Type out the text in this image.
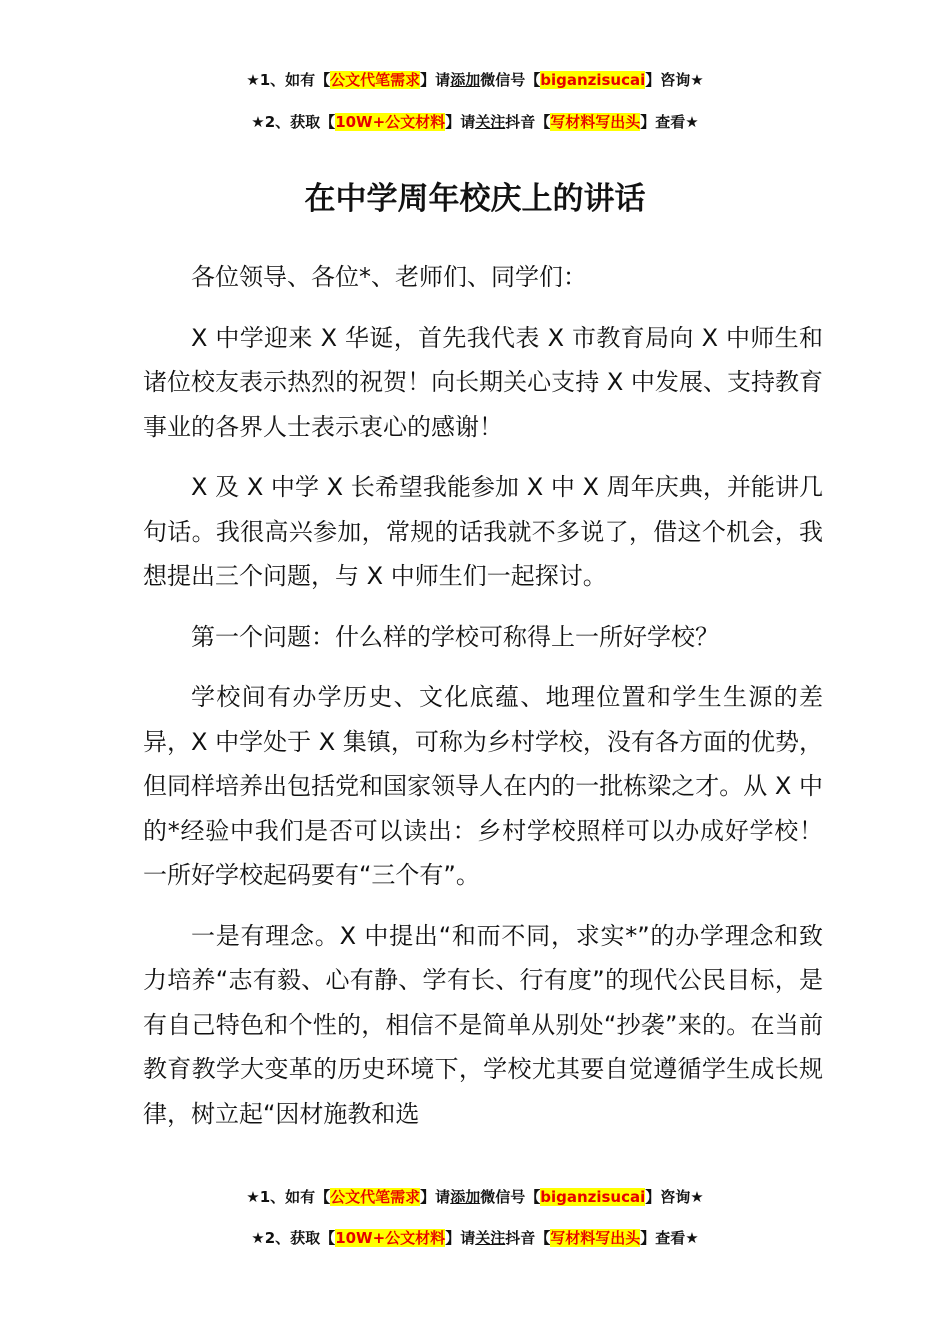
★1、如有【公文代笔需求】请添加微信号【biganzisucai】咨询★
★2、获取【10W+公文材料】请关注抖音【写材料写出头】查看★
在中学周年校庆上的讲话

各位领导、各位*、老师们、同学们：

X 中学迎来 X 华诞，首先我代表 X 市教育局向 X 中师生和诸位校友表示热烈的祝贺！向长期关心支持 X 中发展、支持教育事业的各界人士表示衷心的感谢！

X 及 X 中学 X 长希望我能参加 X 中 X 周年庆典，并能讲几句话。我很高兴参加，常规的话我就不多说了，借这个机会，我想提出三个问题，与 X 中师生们一起探讨。

第一个问题：什么样的学校可称得上一所好学校？

学校间有办学历史、文化底蕴、地理位置和学生生源的差异，X 中学处于 X 集镇，可称为乡村学校，没有各方面的优势，但同样培养出包括党和国家领导人在内的一批栋梁之才。从 X 中的*经验中我们是否可以读出：乡村学校照样可以办成好学校！一所好学校起码要有“三个有”。

一是有理念。X 中提出“和而不同，求实*”的办学理念和致力培养“志有毅、心有静、学有长、行有度”的现代公民目标，是有自己特色和个性的，相信不是简单从别处“抄袭”来的。在当前教育教学大变革的历史环境下，学校尤其要自觉遵循学生成长规律，树立起“因材施教和选

★1、如有【公文代笔需求】请添加微信号【biganzisucai】咨询★
★2、获取【10W+公文材料】请关注抖音【写材料写出头】查看★
